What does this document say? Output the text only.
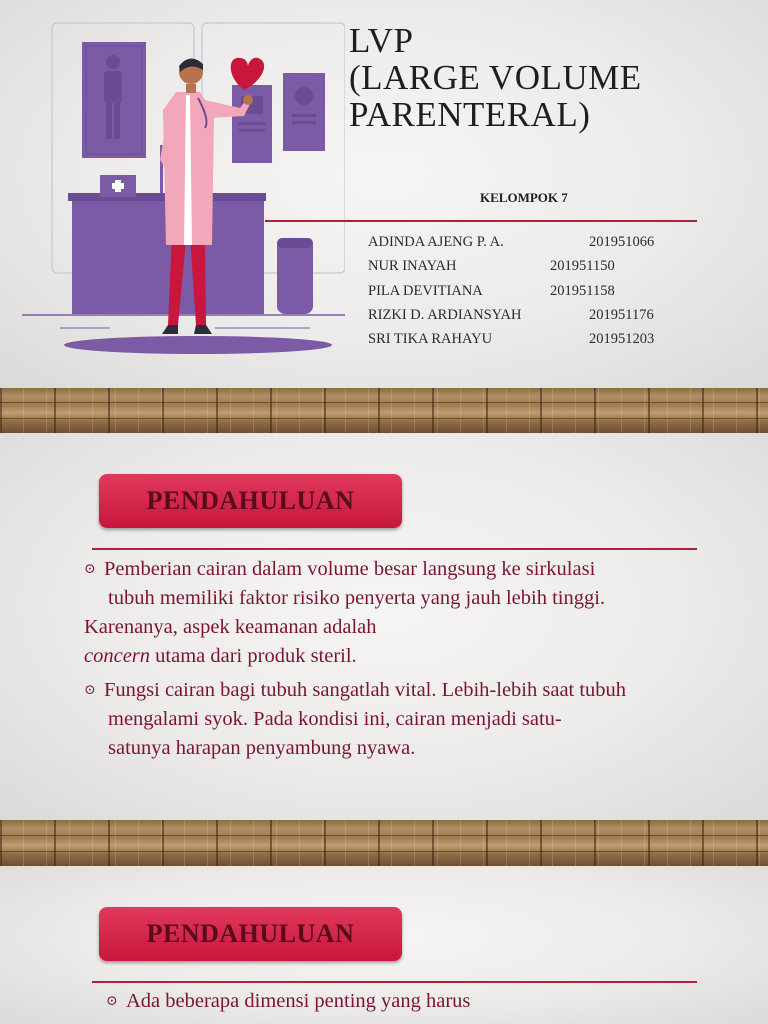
LVP
(LARGE VOLUME
PARENTERAL)
KELOMPOK 7
ADINDA AJENG P. A.	201951066
NUR INAYAH	201951150
PILA DEVITIANA	201951158
RIZKI D. ARDIANSYAH	201951176
SRI TIKA RAHAYU	201951203
PENDAHULUAN

⊙ Pemberian cairan dalam volume besar langsung ke sirkulasi
tubuh memiliki faktor risiko penyerta yang jauh lebih tinggi.
Karenanya, aspek keamanan adalah
concern utama dari produk steril.

⊙ Fungsi cairan bagi tubuh sangatlah vital. Lebih-lebih saat tubuh
mengalami syok. Pada kondisi ini, cairan menjadi satu-
satunya harapan penyambung nyawa.

PENDAHULUAN

⊙ Ada beberapa dimensi penting yang harus
